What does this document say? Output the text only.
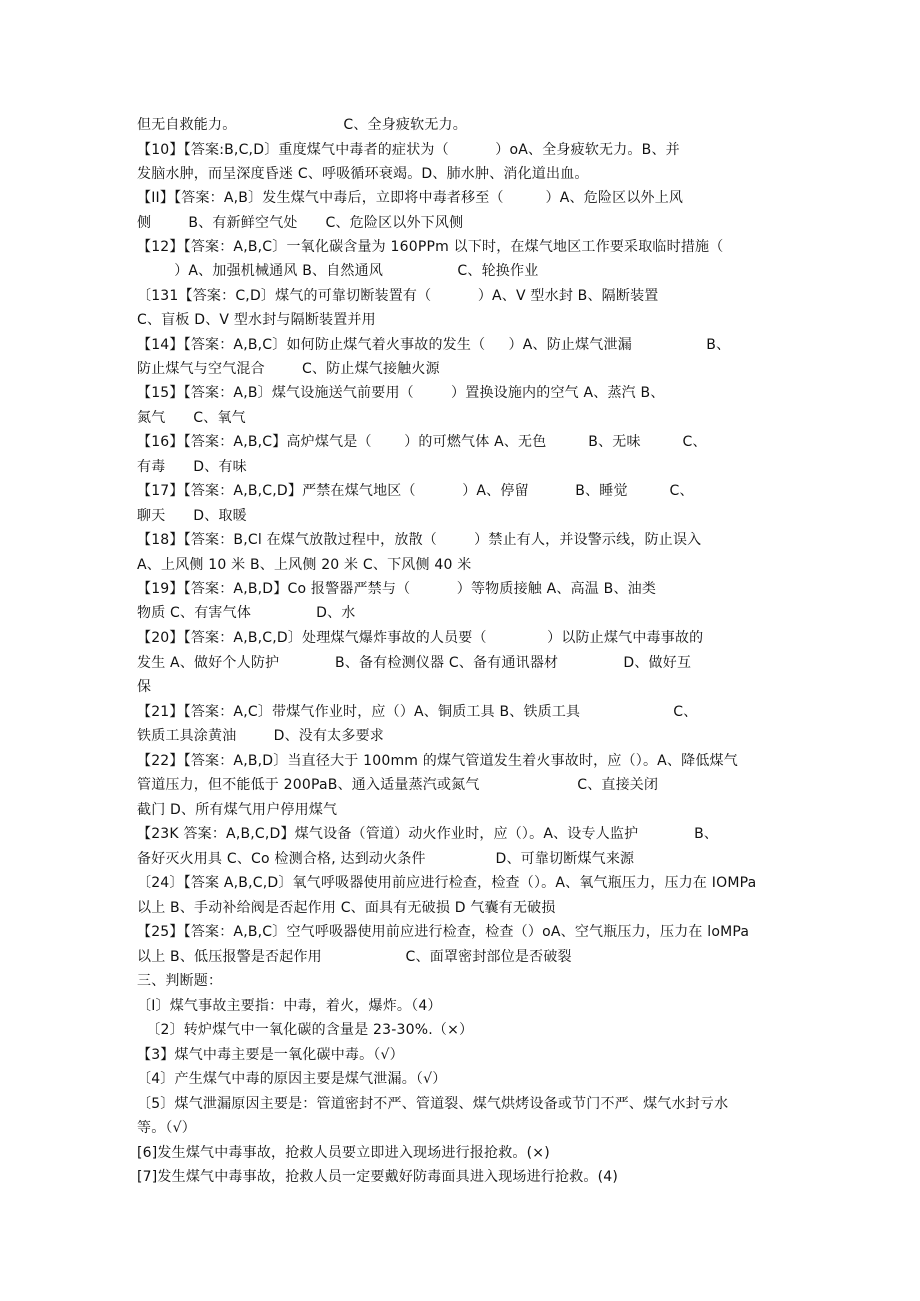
但无自救能力。                       C、全身疲软无力。
【10】【答案:B,C,D〕重度煤气中毒者的症状为（          ）oA、全身疲软无力。B、并
发脑水肿，而呈深度昏迷 C、呼吸循环衰竭。D、肺水肿、消化道出血。
【II】【答案：A,B〕发生煤气中毒后，立即将中毒者移至（         ）A、危险区以外上风
侧        B、有新鲜空气处      C、危险区以外下风侧
【12】【答案：A,B,C〕一氧化碳含量为 160PPm 以下时，在煤气地区工作要采取临时措施（
）A、加强机械通风 B、自然通风                C、轮换作业
〔131【答案：C,D〕煤气的可靠切断装置有（          ）A、V 型水封 B、隔断装置
C、盲板 D、V 型水封与隔断装置并用
【14】【答案：A,B,C〕如何防止煤气着火事故的发生（     ）A、防止煤气泄漏                B、
防止煤气与空气混合        C、防止煤气接触火源
【15】【答案：A,B〕煤气设施送气前要用（        ）置换设施内的空气 A、蒸汽 B、
氮气      C、氧气
【16】【答案：A,B,C】高炉煤气是（       ）的可燃气体 A、无色         B、无味         C、
有毒      D、有味
【17】【答案：A,B,C,D】严禁在煤气地区（          ）A、停留          B、睡觉         C、
聊天      D、取暖
【18】【答案：B,Cl 在煤气放散过程中，放散（        ）禁止有人，并设警示线，防止误入
A、上风侧 10 米 B、上风侧 20 米 C、下风侧 40 米
【19】【答案：A,B,D】Co 报警器严禁与（          ）等物质接触 A、高温 B、油类
物质 C、有害气体              D、水
【20】【答案：A,B,C,D〕处理煤气爆炸事故的人员要（             ）以防止煤气中毒事故的
发生 A、做好个人防护            B、备有检测仪器 C、备有通讯器材              D、做好互
保
【21】【答案：A,C〕带煤气作业时，应（）A、铜质工具 B、铁质工具                    C、
铁质工具涂黄油        D、没有太多要求
【22】【答案：A,B,D〕当直径大于 100mm 的煤气管道发生着火事故时，应（）。A、降低煤气
管道压力，但不能低于 200PaB、通入适量蒸汽或氮气                     C、直接关闭
截门 D、所有煤气用户停用煤气
【23K 答案：A,B,C,D】煤气设备（管道）动火作业时，应（）。A、设专人监护            B、
备好灭火用具 C、Co 检测合格, 达到动火条件               D、可靠切断煤气来源
〔24〕【答案 A,B,C,D〕氧气呼吸器使用前应进行检查，检查（）。A、氧气瓶压力，压力在 IOMPa
以上 B、手动补给阀是否起作用 C、面具有无破损 D 气囊有无破损
【25】【答案：A,B,C〕空气呼吸器使用前应进行检查，检查（）oA、空气瓶压力，压力在 loMPa
以上 B、低压报警是否起作用                  C、面罩密封部位是否破裂
三、判断题：
〔I〕煤气事故主要指：中毒，着火，爆炸。（4）
〔2〕转炉煤气中一氧化碳的含量是 23-30%.（×）
【3】煤气中毒主要是一氧化碳中毒。（√）
〔4〕产生煤气中毒的原因主要是煤气泄漏。（√）
〔5〕煤气泄漏原因主要是：管道密封不严、管道裂、煤气烘烤设备或节门不严、煤气水封亏水
等。（√）
[6]发生煤气中毒事故，抢救人员要立即进入现场进行报抢救。(×)
[7]发生煤气中毒事故，抢救人员一定要戴好防毒面具进入现场进行抢救。(4)
